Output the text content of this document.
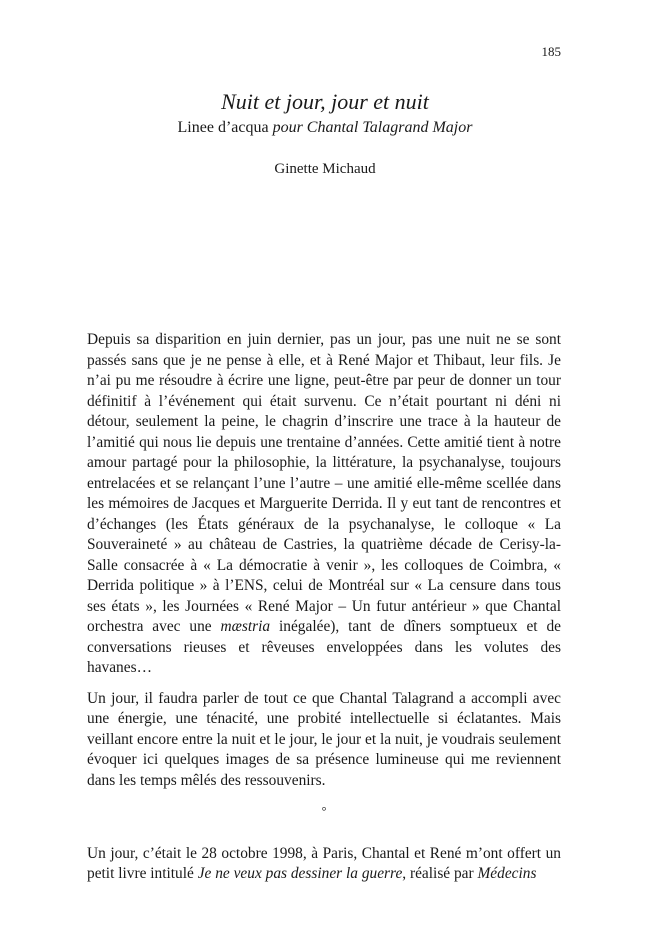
185
Nuit et jour, jour et nuit
Linee d’acqua pour Chantal Talagrand Major
Ginette Michaud

Depuis sa disparition en juin dernier, pas un jour, pas une nuit ne se sont passés sans que je ne pense à elle, et à René Major et Thibaut, leur fils. Je n’ai pu me résoudre à écrire une ligne, peut-être par peur de donner un tour définitif à l’événement qui était survenu. Ce n’était pourtant ni déni ni détour, seulement la peine, le chagrin d’inscrire une trace à la hauteur de l’amitié qui nous lie depuis une trentaine d’années. Cette amitié tient à notre amour partagé pour la philosophie, la littérature, la psychanalyse, toujours entrelacées et se relançant l’une l’autre – une amitié elle-même scellée dans les mémoires de Jacques et Marguerite Derrida. Il y eut tant de rencontres et d’échanges (les États généraux de la psychanalyse, le colloque « La Souveraineté » au château de Castries, la quatrième décade de Cerisy-la-Salle consacrée à « La démocratie à venir », les colloques de Coimbra, « Derrida politique » à l’ENS, celui de Montréal sur « La censure dans tous ses états », les Journées « René Major – Un futur antérieur » que Chantal orchestra avec une mæstria inégalée), tant de dîners somptueux et de conversations rieuses et rêveuses enveloppées dans les volutes des havanes…

Un jour, il faudra parler de tout ce que Chantal Talagrand a accompli avec une énergie, une ténacité, une probité intellectuelle si éclatantes. Mais veillant encore entre la nuit et le jour, le jour et la nuit, je voudrais seulement évoquer ici quelques images de sa présence lumineuse qui me reviennent dans les temps mêlés des ressouvenirs.

°

Un jour, c’était le 28 octobre 1998, à Paris, Chantal et René m’ont offert un petit livre intitulé Je ne veux pas dessiner la guerre, réalisé par Médecins
